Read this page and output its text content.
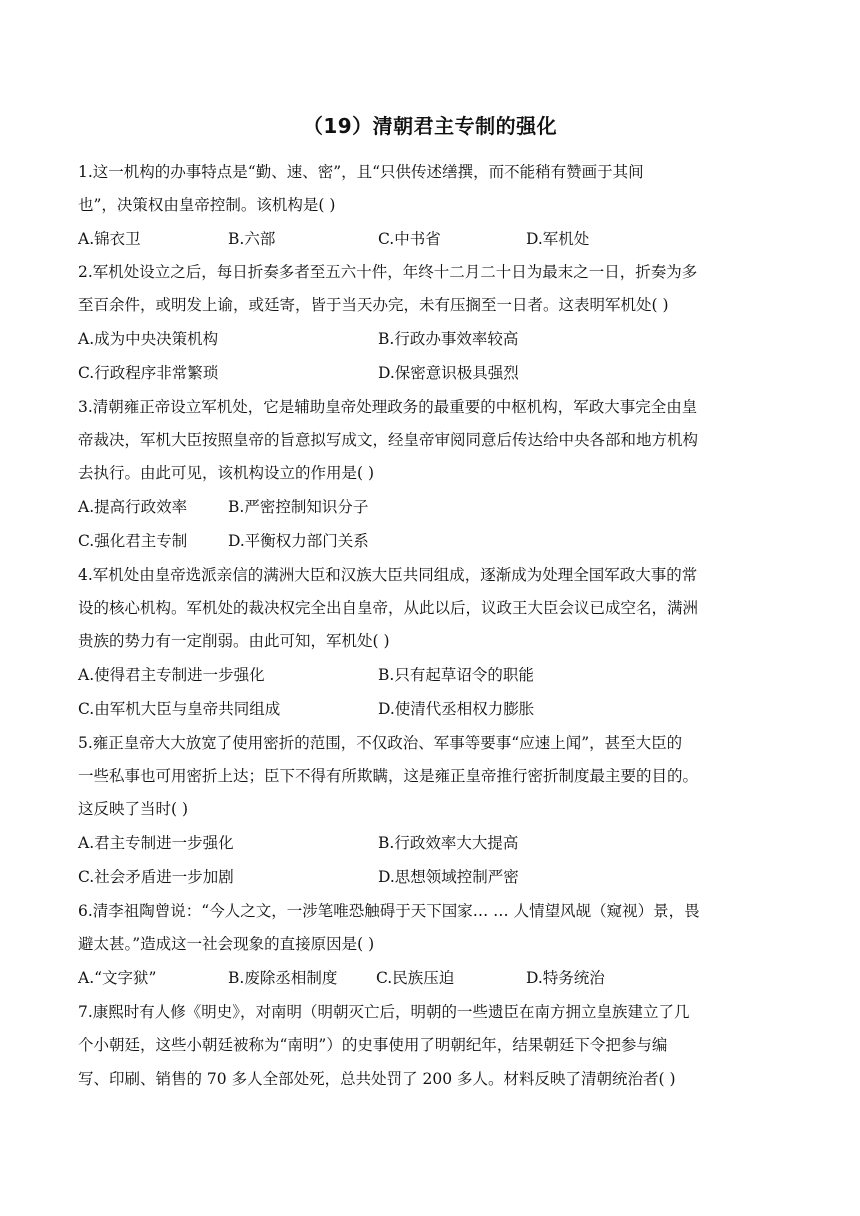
（19）清朝君主专制的强化
1.这一机构的办事特点是“勤、速、密”，且“只供传述缮撰，而不能稍有赞画于其间
也”，决策权由皇帝控制。该机构是( )
A.锦衣卫	B.六部	C.中书省	D.军机处
2.军机处设立之后，每日折奏多者至五六十件，年终十二月二十日为最末之一日，折奏为多
至百余件，或明发上谕，或廷寄，皆于当天办完，未有压搁至一日者。这表明军机处( )
A.成为中央决策机构	B.行政办事效率较高
C.行政程序非常繁琐	D.保密意识极具强烈
3.清朝雍正帝设立军机处，它是辅助皇帝处理政务的最重要的中枢机构，军政大事完全由皇
帝裁决，军机大臣按照皇帝的旨意拟写成文，经皇帝审阅同意后传达给中央各部和地方机构
去执行。由此可见，该机构设立的作用是( )
A.提高行政效率	B.严密控制知识分子
C.强化君主专制	D.平衡权力部门关系
4.军机处由皇帝选派亲信的满洲大臣和汉族大臣共同组成，逐渐成为处理全国军政大事的常
设的核心机构。军机处的裁决权完全出自皇帝，从此以后，议政王大臣会议已成空名，满洲
贵族的势力有一定削弱。由此可知，军机处( )
A.使得君主专制进一步强化	B.只有起草诏令的职能
C.由军机大臣与皇帝共同组成	D.使清代丞相权力膨胀
5.雍正皇帝大大放宽了使用密折的范围，不仅政治、军事等要事“应速上闻”，甚至大臣的
一些私事也可用密折上达；臣下不得有所欺瞒，这是雍正皇帝推行密折制度最主要的目的。
这反映了当时( )
A.君主专制进一步强化	B.行政效率大大提高
C.社会矛盾进一步加剧	D.思想领域控制严密
6.清李祖陶曾说：“今人之文，一涉笔唯恐触碍于天下国家… … 人情望风觇（窥视）景，畏
避太甚。”造成这一社会现象的直接原因是( )
A.“文字狱”	B.废除丞相制度 C.民族压迫	D.特务统治
7.康熙时有人修《明史》，对南明（明朝灭亡后，明朝的一些遗臣在南方拥立皇族建立了几
个小朝廷，这些小朝廷被称为“南明”）的史事使用了明朝纪年，结果朝廷下令把参与编
写、印刷、销售的 70 多人全部处死，总共处罚了 200 多人。材料反映了清朝统治者( )
